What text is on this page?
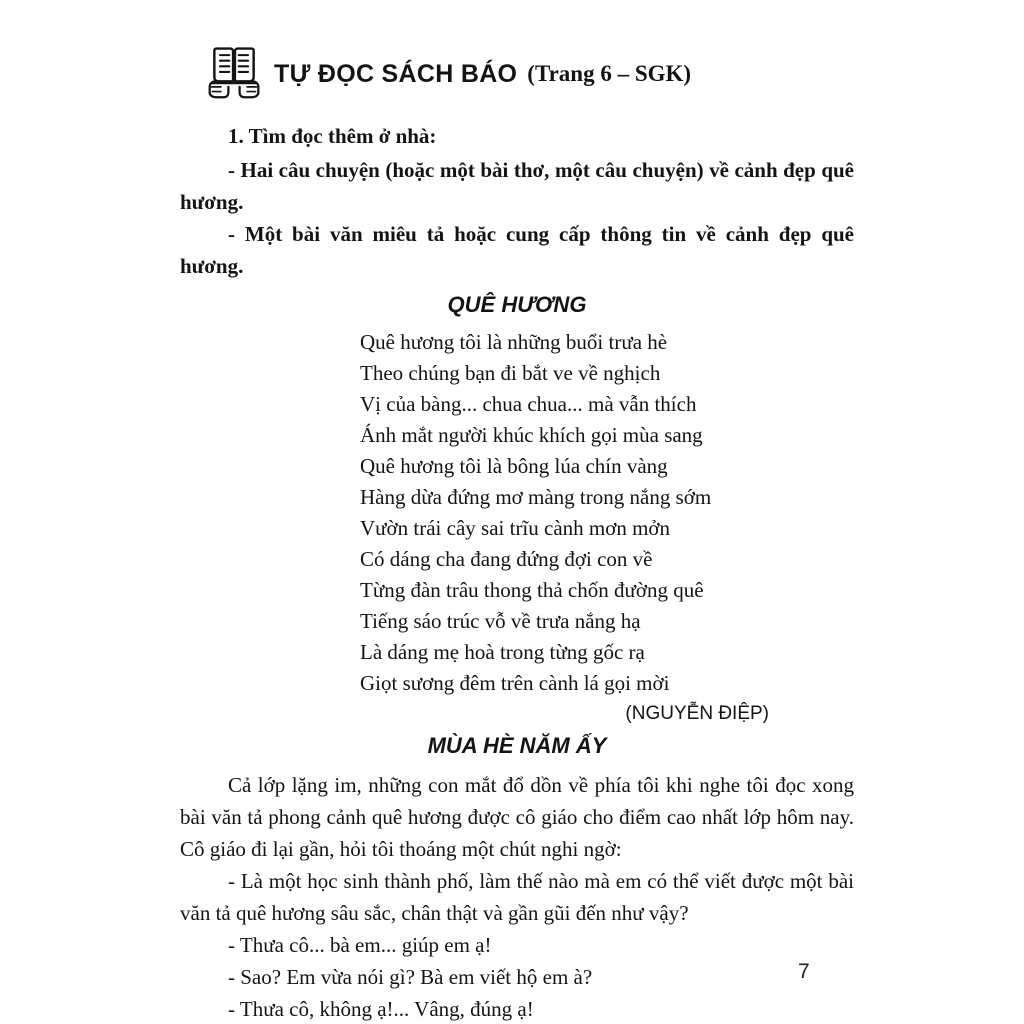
TỰ ĐỌC SÁCH BÁO (Trang 6 – SGK)
1. Tìm đọc thêm ở nhà:
- Hai câu chuyện (hoặc một bài thơ, một câu chuyện) về cảnh đẹp quê hương.
- Một bài văn miêu tả hoặc cung cấp thông tin về cảnh đẹp quê hương.
QUÊ HƯƠNG
Quê hương tôi là những buổi trưa hè
Theo chúng bạn đi bắt ve về nghịch
Vị của bàng... chua chua... mà vẫn thích
Ánh mắt người khúc khích gọi mùa sang
Quê hương tôi là bông lúa chín vàng
Hàng dừa đứng mơ màng trong nắng sớm
Vườn trái cây sai trĩu cành mơn mởn
Có dáng cha đang đứng đợi con về
Từng đàn trâu thong thả chốn đường quê
Tiếng sáo trúc vỗ về trưa nắng hạ
Là dáng mẹ hoà trong từng gốc rạ
Giọt sương đêm trên cành lá gọi mời
(NGUYỄN ĐIỆP)
MÙA HÈ NĂM ẤY
Cả lớp lặng im, những con mắt đổ dồn về phía tôi khi nghe tôi đọc xong bài văn tả phong cảnh quê hương được cô giáo cho điểm cao nhất lớp hôm nay. Cô giáo đi lại gần, hỏi tôi thoáng một chút nghi ngờ:
- Là một học sinh thành phố, làm thế nào mà em có thể viết được một bài văn tả quê hương sâu sắc, chân thật và gần gũi đến như vậy?
- Thưa cô... bà em... giúp em ạ!
- Sao? Em vừa nói gì? Bà em viết hộ em à?
- Thưa cô, không ạ!... Vâng, đúng ạ!
7
